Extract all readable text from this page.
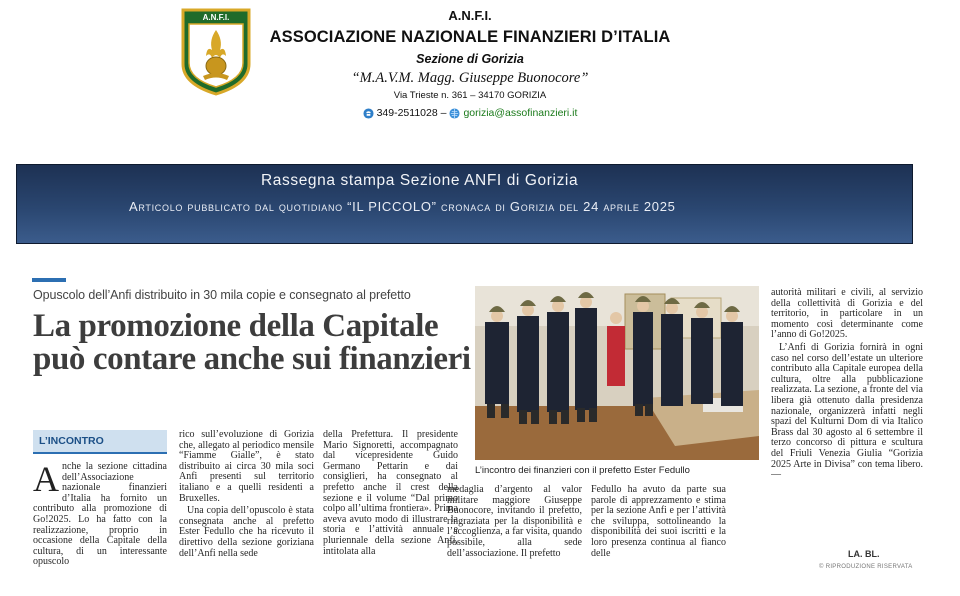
A.N.F.I.	A.N.F.I.
ASSOCIAZIONE NAZIONALE FINANZIERI D’ITALIA
Sezione di Gorizia
“M.A.V.M. Magg. Giuseppe Buonocore”
Via Trieste n. 361 – 34170 GORIZIA
349-2511028 – gorizia@assofinanzieri.it
Rassegna stampa Sezione ANFI di Gorizia
Articolo pubblicato dal quotidiano “IL PICCOLO” cronaca di Gorizia del 24 aprile 2025
Opuscolo dell’Anfi distribuito in 30 mila copie e consegnato al prefetto
La promozione della Capitale
può contare anche sui finanzieri
L’INCONTRO
A nche la sezione cittadina dell’Associazione nazionale finanzieri d’Italia ha fornito un contributo alla promozione di Go!2025. Lo ha fatto con la realizzazione, proprio in occasione della Capitale della cultura, di un interessante opuscolo

rico sull’evoluzione di Gorizia che, allegato al periodico mensile “Fiamme Gialle”, è stato distribuito ai circa 30 mila soci Anfi presenti sul territorio italiano e a quelli residenti a Bruxelles.

Una copia dell’opuscolo è stata consegnata anche al prefetto Ester Fedullo che ha ricevuto il direttivo della sezione goriziana dell’Anfi nella sede

della Prefettura. Il presidente Mario Signoretti, accompagnato dal vicepresidente Guido Germano Pettarin e dai consiglieri, ha consegnato al prefetto anche il crest della sezione e il volume “Dal primo colpo all’ultima frontiera». Prima aveva avuto modo di illustrare la storia e l’attività annuale e pluriennale della sezione Anfi, intitolata alla

medaglia d’argento al valor militare maggiore Giuseppe Buonocore, invitando il prefetto, ringraziata per la disponibilità e l’accoglienza, a far visita, quando possibile, alla sede dell’associazione. Il prefetto

Fedullo ha avuto da parte sua parole di apprezzamento e stima per la sezione Anfi e per l’attività che sviluppa, sottolineando la disponibilità dei suoi iscritti e la loro presenza continua al fianco delle

autorità militari e civili, al servizio della collettività di Gorizia e del territorio, in particolare in un momento così determinante come l’anno di Go!2025.

L’Anfi di Gorizia fornirà in ogni caso nel corso dell’estate un ulteriore contributo alla Capitale europea della cultura, oltre alla pubblicazione realizzata. La sezione, a fronte del via libera già ottenuto dalla presidenza nazionale, organizzerà infatti negli spazi del Kulturni Dom di via Italico Brass dal 30 agosto al 6 settembre il terzo concorso di pittura e scultura del Friuli Venezia Giulia “Gorizia 2025 Arte in Divisa” con tema libero. —

L’incontro dei finanzieri con il prefetto Ester Fedullo
LA. BL.
© RIPRODUZIONE RISERVATA
